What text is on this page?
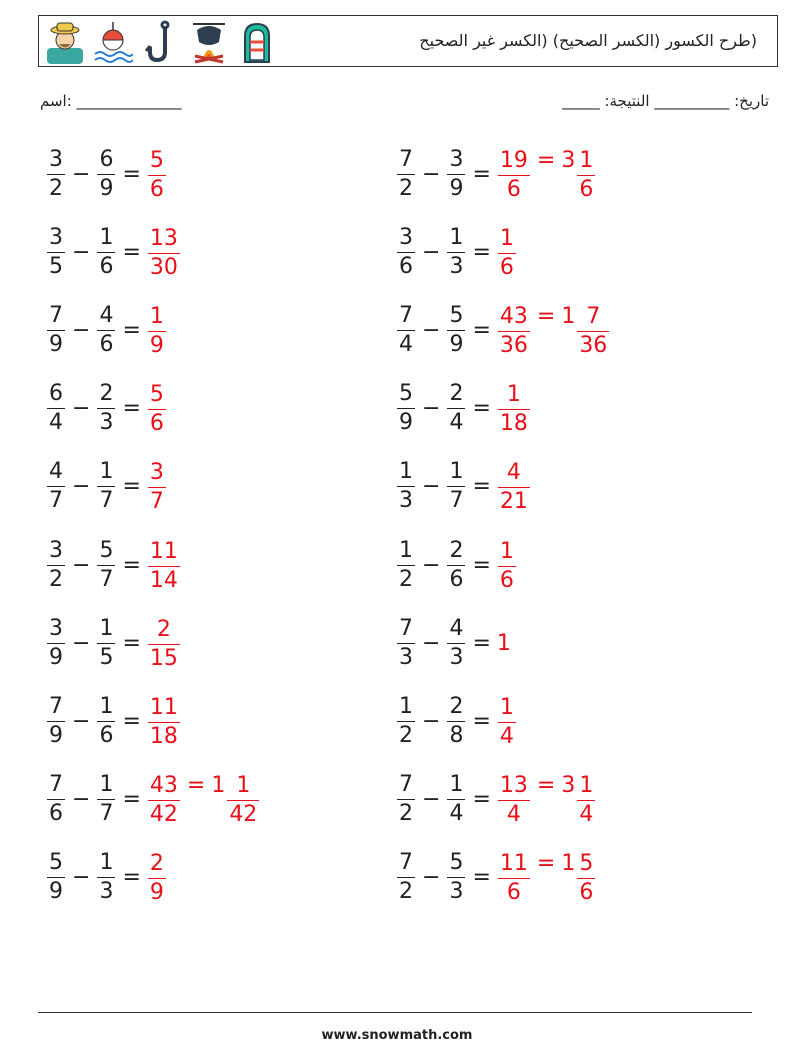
(طرح الكسور (الكسر الصحيح) (الكسر غير الصحيح
اسم: ______________	_____ :تاريخ: __________ النتيجة
$\frac{3}{2} - \frac{6}{9} = \frac{5}{6}$	$\frac{7}{2} - \frac{3}{9} = \frac{19}{6} = 3 \frac{1}{6}$
$\frac{3}{5} - \frac{1}{6} = \frac{13}{30}$	$\frac{3}{6} - \frac{1}{3} = \frac{1}{6}$
$\frac{7}{9} - \frac{4}{6} = \frac{1}{9}$	$\frac{7}{4} - \frac{5}{9} = \frac{43}{36} = 1 \frac{7}{36}$
$\frac{6}{4} - \frac{2}{3} = \frac{5}{6}$	$\frac{5}{9} - \frac{2}{4} = \frac{1}{18}$
$\frac{4}{7} - \frac{1}{7} = \frac{3}{7}$	$\frac{1}{3} - \frac{1}{7} = \frac{4}{21}$
$\frac{3}{2} - \frac{5}{7} = \frac{11}{14}$	$\frac{1}{2} - \frac{2}{6} = \frac{1}{6}$
$\frac{3}{9} - \frac{1}{5} = \frac{2}{15}$	$\frac{7}{3} - \frac{4}{3} = 1$
$\frac{7}{9} - \frac{1}{6} = \frac{11}{18}$	$\frac{1}{2} - \frac{2}{8} = \frac{1}{4}$
$\frac{7}{6} - \frac{1}{7} = \frac{43}{42} = 1 \frac{1}{42}$	$\frac{7}{2} - \frac{1}{4} = \frac{13}{4} = 3 \frac{1}{4}$
$\frac{5}{9} - \frac{1}{3} = \frac{2}{9}$	$\frac{7}{2} - \frac{5}{3} = \frac{11}{6} = 1 \frac{5}{6}$
www.snowmath.com
